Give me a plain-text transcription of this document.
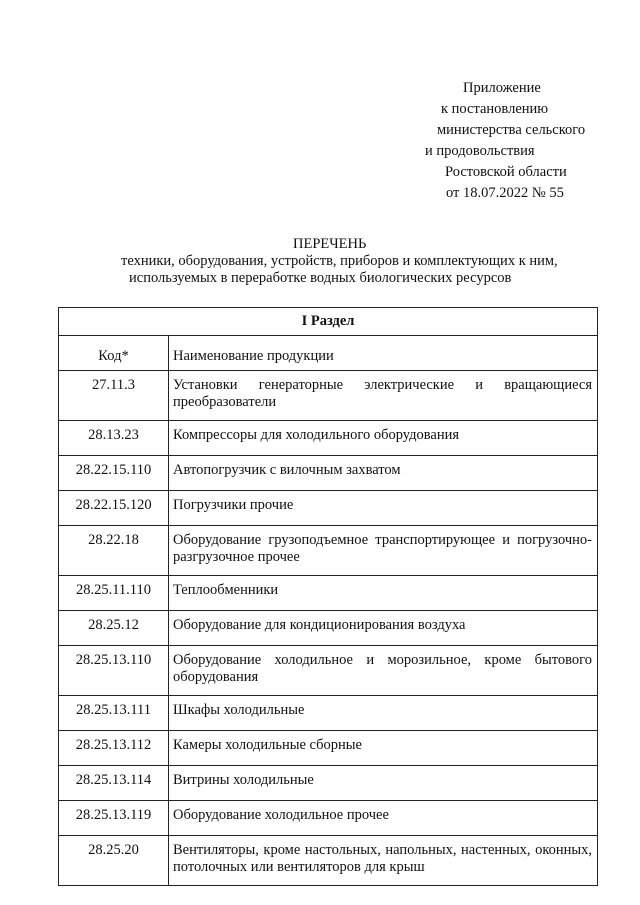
Приложение
к постановлению
министерства сельского
и продовольствия
Ростовской области
от 18.07.2022 № 55
ПЕРЕЧЕНЬ
техники, оборудования, устройств, приборов и комплектующих к ним,
используемых в переработке водных биологических ресурсов
I Раздел	
Код*	Наименование продукции
27.11.3	Установки генераторные электрические и вращающиеся преобразователи
28.13.23	Компрессоры для холодильного оборудования
28.22.15.110	Автопогрузчик с вилочным захватом
28.22.15.120	Погрузчики прочие
28.22.18	Оборудование грузоподъемное транспортирующее и погрузочно-разгрузочное прочее
28.25.11.110	Теплообменники
28.25.12	Оборудование для кондиционирования воздуха
28.25.13.110	Оборудование холодильное и морозильное, кроме бытового оборудования
28.25.13.111	Шкафы холодильные
28.25.13.112	Камеры холодильные сборные
28.25.13.114	Витрины холодильные
28.25.13.119	Оборудование холодильное прочее
28.25.20	Вентиляторы, кроме настольных, напольных, настенных, оконных, потолочных или вентиляторов для крыш
